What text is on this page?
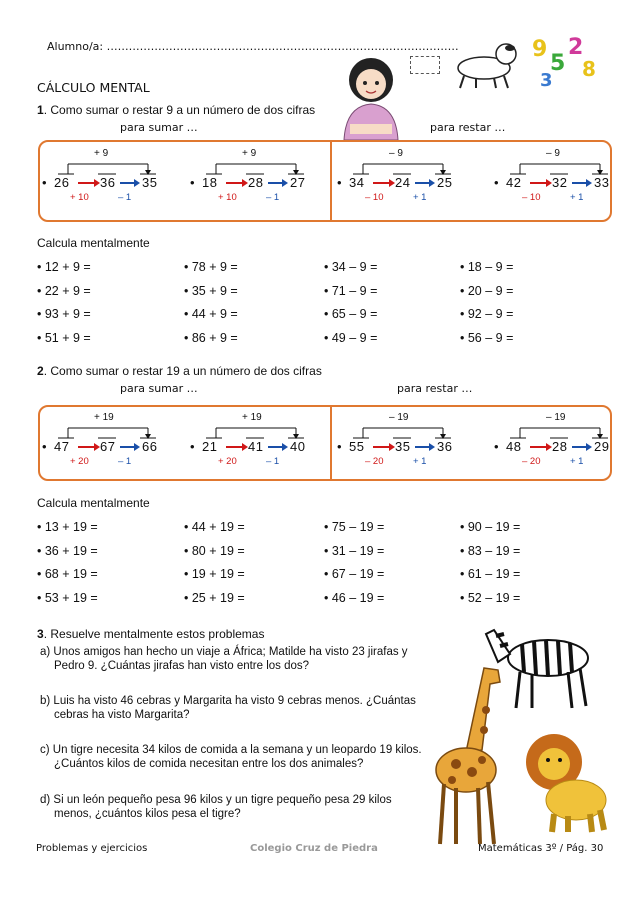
Alumno/a: ……………………………………………………………………………………
CÁLCULO MENTAL
9
5
2
8
3
1. Como sumar o restar 9 a un número de dos cifras
para sumar …	para restar …
+ 9
• 26 36 35
+ 10	– 1
+ 9
• 18 28 27
+ 10	– 1
– 9
• 34 24 25
– 10	+ 1
– 9
• 42 32 33
– 10	+ 1
Calcula mentalmente
• 12 + 9 =	• 78 + 9 =	• 34 – 9 =	• 18 – 9 =
• 22 + 9 =	• 35 + 9 =	• 71 – 9 =	• 20 – 9 =
• 93 + 9 =	• 44 + 9 =	• 65 – 9 =	• 92 – 9 =
• 51 + 9 =	• 86 + 9 =	• 49 – 9 =	• 56 – 9 =
2. Como sumar o restar 19 a un número de dos cifras
para sumar …	para restar …
+ 19
• 47 67 66
+ 20	– 1
+ 19
• 21 41 40
+ 20	– 1
– 19
• 55 35 36
– 20	+ 1
– 19
• 48 28 29
– 20	+ 1
Calcula mentalmente
• 13 + 19 =	• 44 + 19 =	• 75 – 19 =	• 90 – 19 =
• 36 + 19 =	• 80 + 19 =	• 31 – 19 =	• 83 – 19 =
• 68 + 19 =	• 19 + 19 =	• 67 – 19 =	• 61 – 19 =
• 53 + 19 =	• 25 + 19 =	• 46 – 19 =	• 52 – 19 =
3. Resuelve mentalmente estos problemas
a) Unos amigos han hecho un viaje a África; Matilde ha visto 23 jirafas y
Pedro 9. ¿Cuántas jirafas han visto entre los dos?
b) Luis ha visto 46 cebras y Margarita ha visto 9 cebras menos. ¿Cuántas
cebras ha visto Margarita?
c) Un tigre necesita 34 kilos de comida a la semana y un leopardo 19 kilos.
¿Cuántos kilos de comida necesitan entre los dos animales?
d) Si un león pequeño pesa 96 kilos y un tigre pequeño pesa 29 kilos
menos, ¿cuántos kilos pesa el tigre?
Problemas y ejercicios	Colegio Cruz de Piedra	Matemáticas 3º / Pág. 30
